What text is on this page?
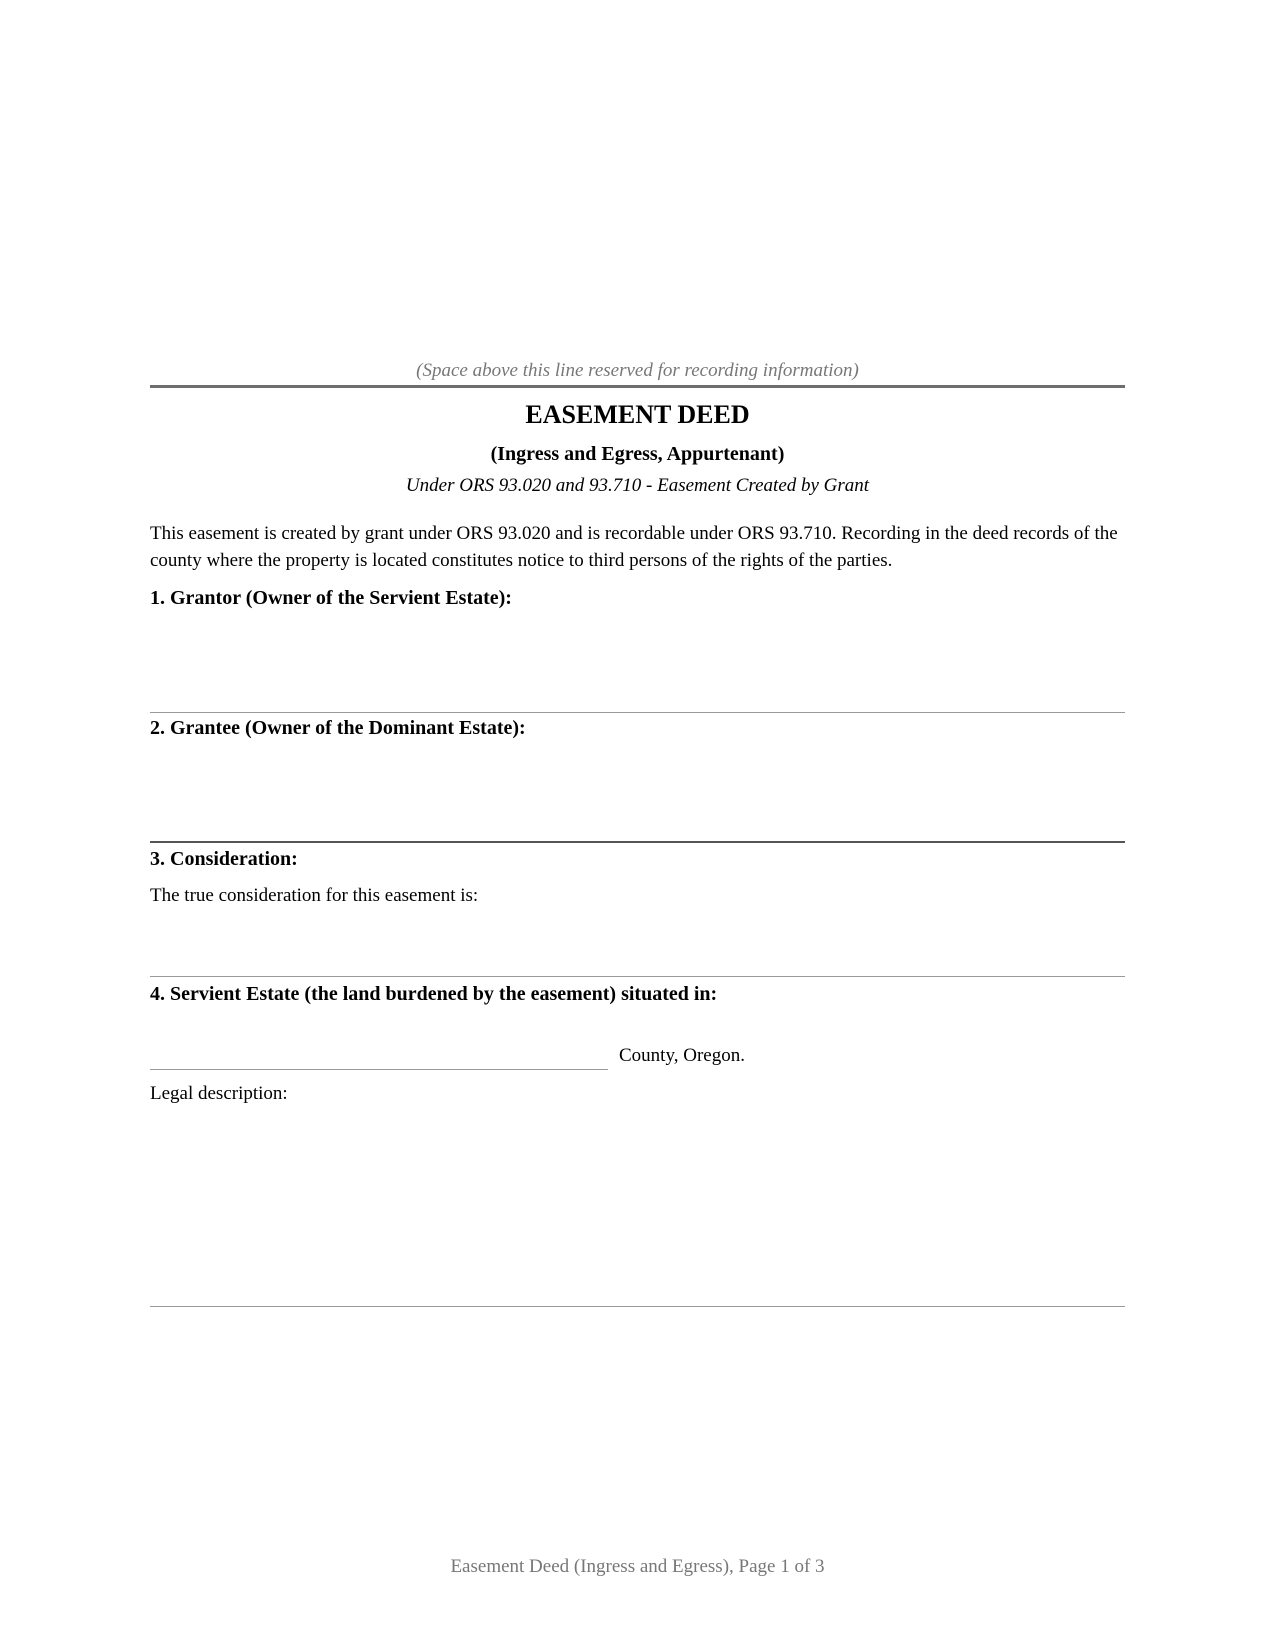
(Space above this line reserved for recording information)
EASEMENT DEED
(Ingress and Egress, Appurtenant)
Under ORS 93.020 and 93.710 - Easement Created by Grant
This easement is created by grant under ORS 93.020 and is recordable under ORS 93.710. Recording in the deed records of the county where the property is located constitutes notice to third persons of the rights of the parties.
1. Grantor (Owner of the Servient Estate):
2. Grantee (Owner of the Dominant Estate):
3. Consideration:
The true consideration for this easement is:
4. Servient Estate (the land burdened by the easement) situated in:
County, Oregon.
Legal description:
Easement Deed (Ingress and Egress), Page 1 of 3
